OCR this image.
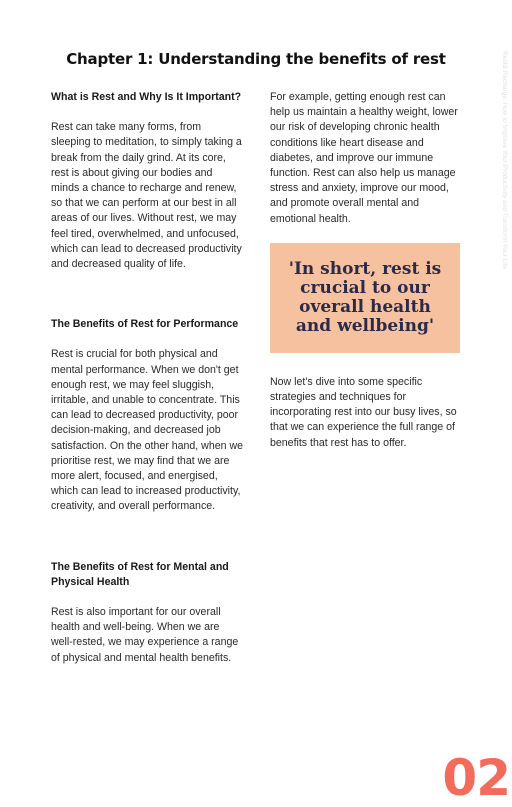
Chapter 1: Understanding the benefits of rest
What is Rest and Why Is It Important?

Rest can take many forms, from sleeping to meditation, to simply taking a break from the daily grind. At its core, rest is about giving our bodies and minds a chance to recharge and renew, so that we can perform at our best in all areas of our lives. Without rest, we may feel tired, overwhelmed, and unfocused, which can lead to decreased productivity and decreased quality of life.

The Benefits of Rest for Performance

Rest is crucial for both physical and mental performance. When we don't get enough rest, we may feel sluggish, irritable, and unable to concentrate. This can lead to decreased productivity, poor decision-making, and decreased job satisfaction. On the other hand, when we prioritise rest, we may find that we are more alert, focused, and energised, which can lead to increased productivity, creativity, and overall performance.

The Benefits of Rest for Mental and Physical Health

Rest is also important for our overall health and well-being. When we are well-rested, we may experience a range of physical and mental health benefits.

For example, getting enough rest can help us maintain a healthy weight, lower our risk of developing chronic health conditions like heart disease and diabetes, and improve our immune function. Rest can also help us manage stress and anxiety, improve our mood, and promote overall mental and emotional health.

'In short, rest is crucial to our overall health and wellbeing'

Now let's dive into some specific strategies and techniques for incorporating rest into our busy lives, so that we can experience the full range of benefits that rest has to offer.

'Rest& Recharge: How to Improve Your Productivity and Transform Your Life
02
